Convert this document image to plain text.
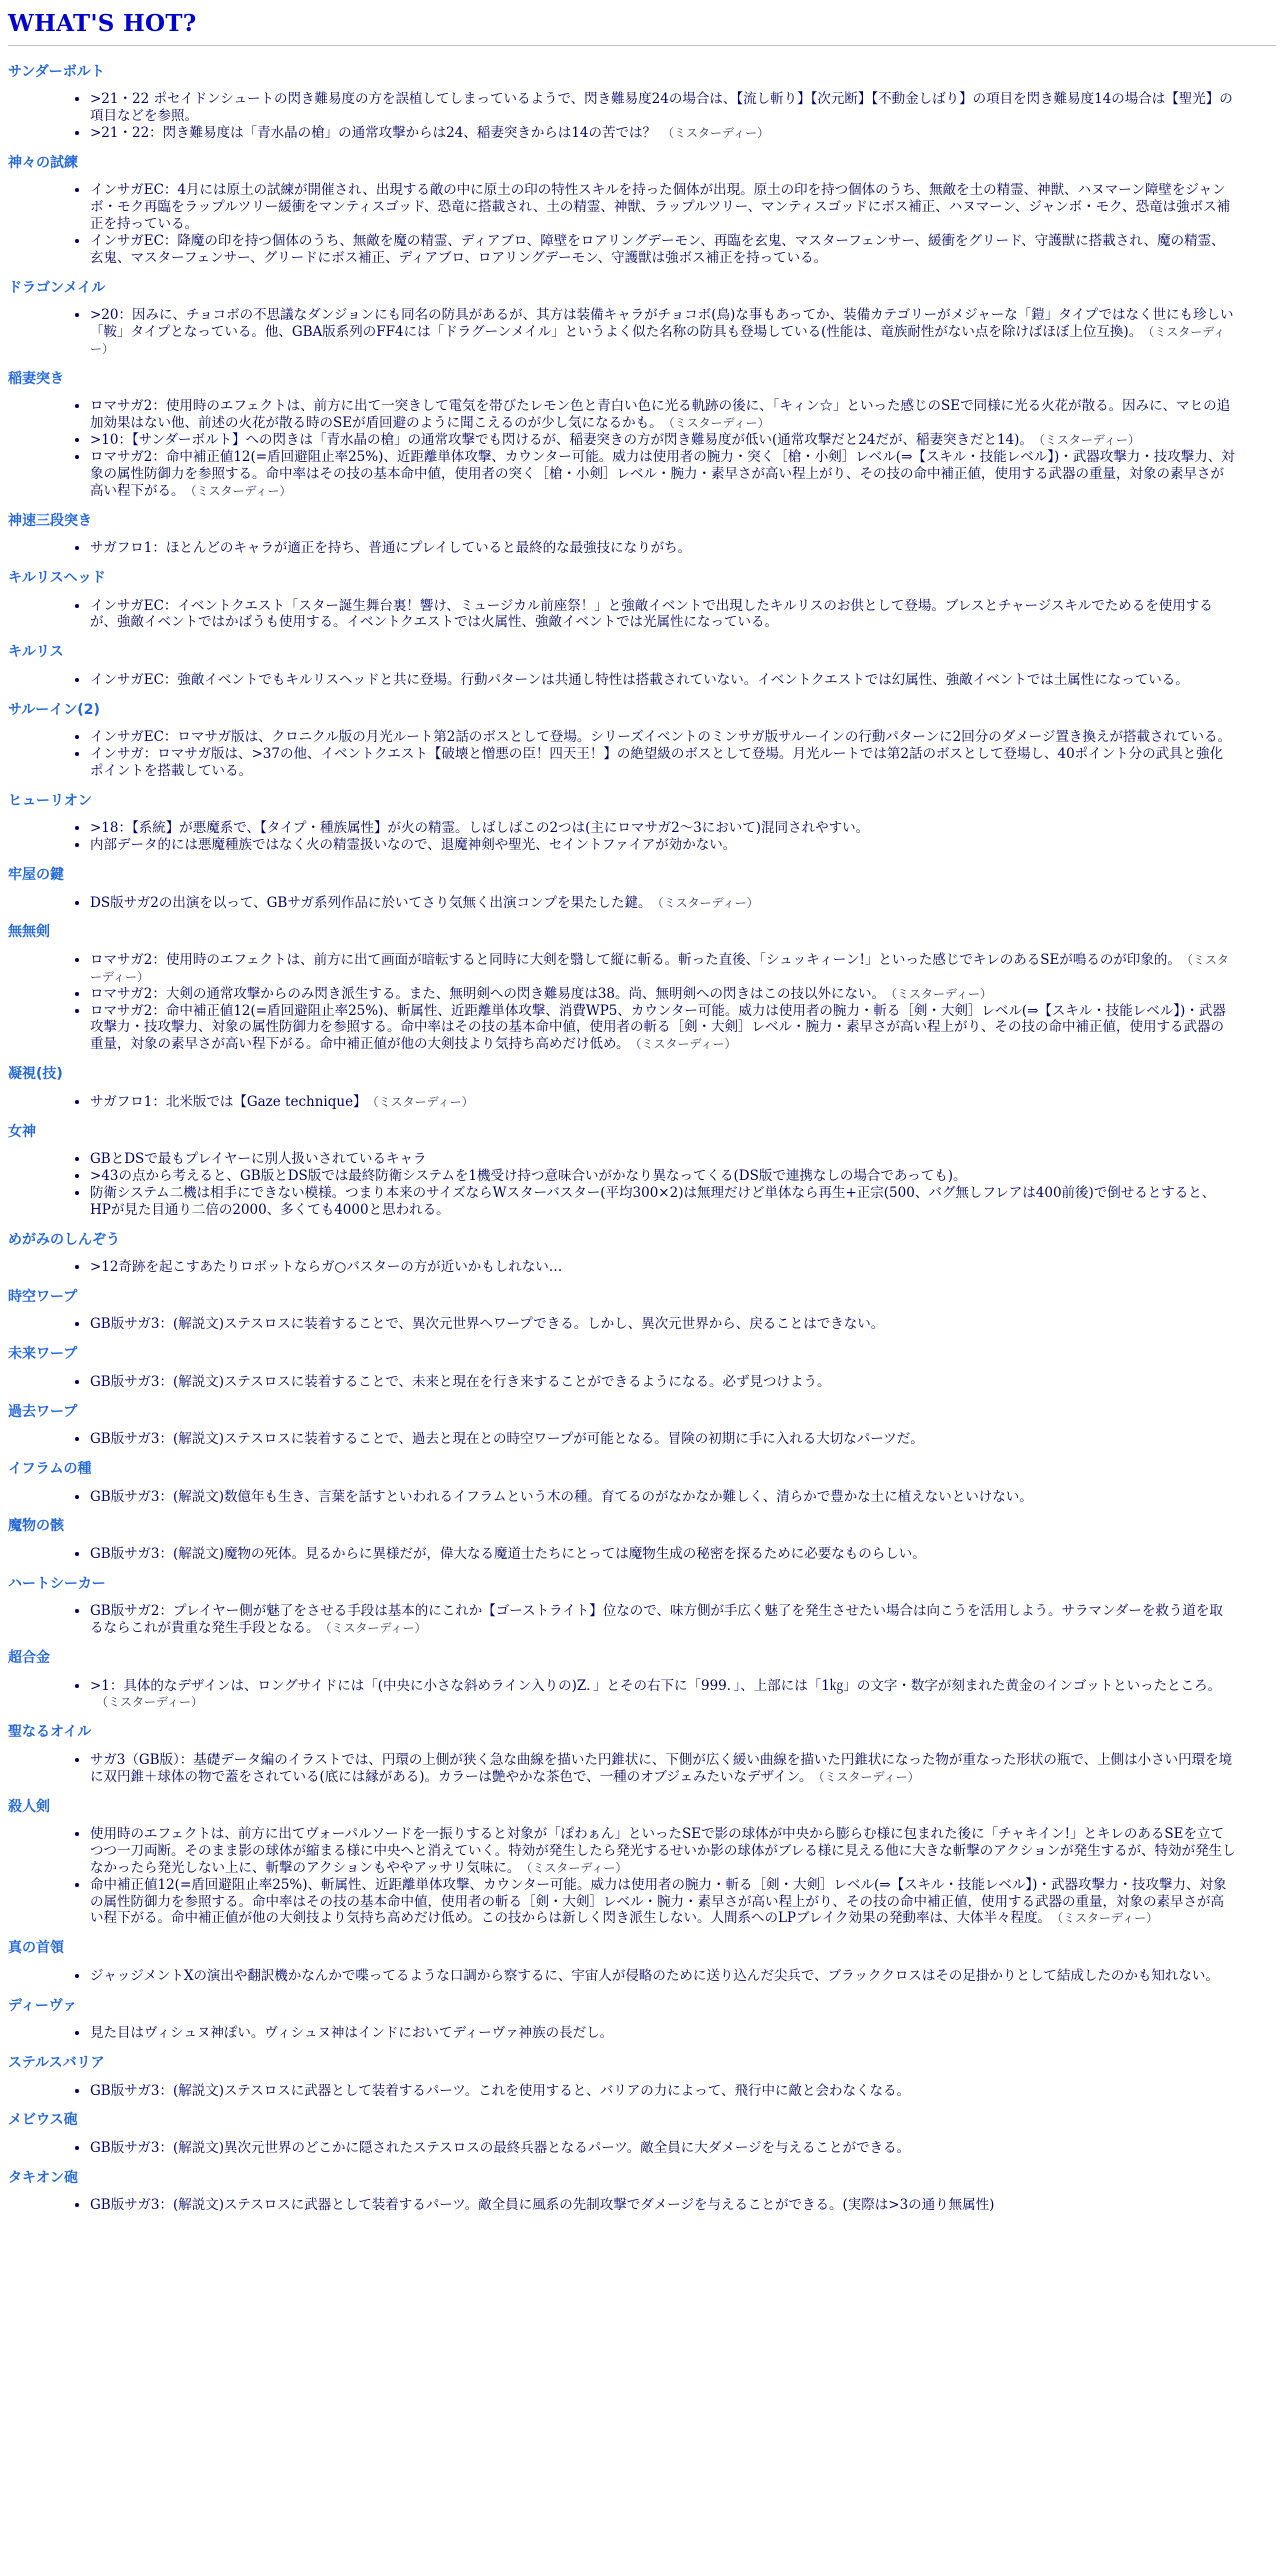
WHAT'S HOT?
サンダーボルト
• >21・22 ポセイドンシュートの閃き難易度の方を誤植してしまっているようで、閃き難易度24の場合は、【流し斬り】【次元断】【不動金しばり】の項目を閃き難易度14の場合は【聖光】の項目などを参照。
• >21・22：閃き難易度は「青水晶の槍」の通常攻撃からは24、稲妻突きからは14の苦では？ （ミスターディー）
神々の試練
• インサガEC：4月には原土の試練が開催され、出現する敵の中に原土の印の特性スキルを持った個体が出現。原土の印を持つ個体のうち、無敵を土の精霊、神獣、ハヌマーン障壁をジャンボ・モク再臨をラップルツリー緩衝をマンティスゴッド、恐竜に搭載され、土の精霊、神獣、ラップルツリー、マンティスゴッドにボス補正、ハヌマーン、ジャンボ・モク、恐竜は強ボス補正を持っている。
• インサガEC：降魔の印を持つ個体のうち、無敵を魔の精霊、ディアブロ、障壁をロアリングデーモン、再臨を玄鬼、マスターフェンサー、緩衝をグリード、守護獣に搭載され、魔の精霊、玄鬼、マスターフェンサー、グリードにボス補正、ディアブロ、ロアリングデーモン、守護獣は強ボス補正を持っている。
ドラゴンメイル
• >20：因みに、チョコボの不思議なダンジョンにも同名の防具があるが、其方は装備キャラがチョコボ(鳥)な事もあってか、装備カテゴリーがメジャーな「鎧」タイプではなく世にも珍しい「鞍」タイプとなっている。他、GBA版系列のFF4には「ドラグーンメイル」というよく似た名称の防具も登場している(性能は、竜族耐性がない点を除けばほぼ上位互換)。 （ミスターディー）
稲妻突き
• ロマサガ2：使用時のエフェクトは、前方に出て一突きして電気を帯びたレモン色と青白い色に光る軌跡の後に、「キィン☆」といった感じのSEで同様に光る火花が散る。因みに、マヒの追加効果はない他、前述の火花が散る時のSEが盾回避のように聞こえるのが少し気になるかも。 （ミスターディー）
• >10：【サンダーボルト】への閃きは「青水晶の槍」の通常攻撃でも閃けるが、稲妻突きの方が閃き難易度が低い(通常攻撃だと24だが、稲妻突きだと14)。 （ミスターディー）
• ロマサガ2：命中補正値12(=盾回避阻止率25%)、近距離単体攻撃、カウンター可能。威力は使用者の腕力・突く［槍・小剣］レベル(⇒【スキル・技能レベル】)・武器攻撃力・技攻撃力、対象の属性防御力を参照する。命中率はその技の基本命中値，使用者の突く［槍・小剣］レベル・腕力・素早さが高い程上がり、その技の命中補正値，使用する武器の重量，対象の素早さが高い程下がる。 （ミスターディー）
神速三段突き
• サガフロ1：ほとんどのキャラが適正を持ち、普通にプレイしていると最終的な最強技になりがち。
キルリスヘッド
• インサガEC：イベントクエスト「スター誕生舞台裏！響け、ミュージカル前座祭！」と強敵イベントで出現したキルリスのお供として登場。ブレスとチャージスキルでためるを使用するが、強敵イベントではかばうも使用する。イベントクエストでは火属性、強敵イベントでは光属性になっている。
キルリス
• インサガEC：強敵イベントでもキルリスヘッドと共に登場。行動パターンは共通し特性は搭載されていない。イベントクエストでは幻属性、強敵イベントでは土属性になっている。
サルーイン(2)
• インサガEC：ロマサガ版は、クロニクル版の月光ルート第2話のボスとして登場。シリーズイベントのミンサガ版サルーインの行動パターンに2回分のダメージ置き換えが搭載されている。
• インサガ：ロマサガ版は、>37の他、イベントクエスト【破壊と憎悪の臣！四天王！】の絶望級のボスとして登場。月光ルートでは第2話のボスとして登場し、40ポイント分の武具と強化ポイントを搭載している。
ヒューリオン
• >18：【系統】が悪魔系で、【タイプ・種族属性】が火の精霊。しばしばこの2つは(主にロマサガ2～3において)混同されやすい。
• 内部データ的には悪魔種族ではなく火の精霊扱いなので、退魔神剣や聖光、セイントファイアが効かない。
牢屋の鍵
• DS版サガ2の出演を以って、GBサガ系列作品に於いてさり気無く出演コンプを果たした鍵。 （ミスターディー）
無無剣
• ロマサガ2：使用時のエフェクトは、前方に出て画面が暗転すると同時に大剣を翳して縦に斬る。斬った直後、「シュッキィーン!」といった感じでキレのあるSEが鳴るのが印象的。 （ミスターディー）
• ロマサガ2：大剣の通常攻撃からのみ閃き派生する。また、無明剣への閃き難易度は38。尚、無明剣への閃きはこの技以外にない。 （ミスターディー）
• ロマサガ2：命中補正値12(=盾回避阻止率25%)、斬属性、近距離単体攻撃、消費WP5、カウンター可能。威力は使用者の腕力・斬る［剣・大剣］レベル(⇒【スキル・技能レベル】)・武器攻撃力・技攻撃力、対象の属性防御力を参照する。命中率はその技の基本命中値，使用者の斬る［剣・大剣］レベル・腕力・素早さが高い程上がり、その技の命中補正値，使用する武器の重量，対象の素早さが高い程下がる。命中補正値が他の大剣技より気持ち高めだけ低め。 （ミスターディー）
凝視(技)
• サガフロ1：北米版では【Gaze technique】 （ミスターディー）
女神
• GBとDSで最もプレイヤーに別人扱いされているキャラ
• >43の点から考えると、GB版とDS版では最終防衛システムを1機受け持つ意味合いがかなり異なってくる(DS版で連携なしの場合であっても)。
• 防衛システム二機は相手にできない模様。つまり本来のサイズならWスターバスター(平均300×2)は無理だけど単体なら再生+正宗(500、バグ無しフレアは400前後)で倒せるとすると、HPが見た目通り二倍の2000、多くても4000と思われる。
めがみのしんぞう
• >12奇跡を起こすあたりロボットならガ○バスターの方が近いかもしれない…
時空ワープ
• GB版サガ3：(解説文)ステスロスに装着することで、異次元世界へワープできる。しかし、異次元世界から、戻ることはできない。
未来ワープ
• GB版サガ3：(解説文)ステスロスに装着することで、未来と現在を行き来することができるようになる。必ず見つけよう。
過去ワープ
• GB版サガ3：(解説文)ステスロスに装着することで、過去と現在との時空ワープが可能となる。冒険の初期に手に入れる大切なパーツだ。
イフラムの種
• GB版サガ3：(解説文)数億年も生き、言葉を話すといわれるイフラムという木の種。育てるのがなかなか難しく、清らかで豊かな土に植えないといけない。
魔物の骸
• GB版サガ3：(解説文)魔物の死体。見るからに異様だが，偉大なる魔道士たちにとっては魔物生成の秘密を探るために必要なものらしい。
ハートシーカー
• GB版サガ2：プレイヤー側が魅了をさせる手段は基本的にこれか【ゴーストライト】位なので、味方側が手広く魅了を発生させたい場合は向こうを活用しよう。サラマンダーを救う道を取るならこれが貴重な発生手段となる。 （ミスターディー）
超合金
• >1：具体的なデザインは、ロングサイドには「(中央に小さな斜めライン入りの)Z．」とその右下に「999．」、上部には「1㎏」の文字・数字が刻まれた黄金のインゴットといったところ。（ミスターディー）
聖なるオイル
• サガ3（GB版）：基礎データ編のイラストでは、円環の上側が狭く急な曲線を描いた円錐状に、下側が広く緩い曲線を描いた円錐状になった物が重なった形状の瓶で、上側は小さい円環を境に双円錐＋球体の物で蓋をされている(底には縁がある)。カラーは艶やかな茶色で、一種のオブジェみたいなデザイン。 （ミスターディー）
殺人剣
• 使用時のエフェクトは、前方に出てヴォーパルソードを一振りすると対象が「ぽわぁん」といったSEで影の球体が中央から膨らむ様に包まれた後に「チャキイン!」とキレのあるSEを立てつつ一刀両断。そのまま影の球体が縮まる様に中央へと消えていく。特効が発生したら発光するせいか影の球体がブレる様に見える他に大きな斬撃のアクションが発生するが、特効が発生しなかったら発光しない上に、斬撃のアクションもややアッサリ気味に。 （ミスターディー）
• 命中補正値12(=盾回避阻止率25%)、斬属性、近距離単体攻撃、カウンター可能。威力は使用者の腕力・斬る［剣・大剣］レベル(⇒【スキル・技能レベル】)・武器攻撃力・技攻撃力、対象の属性防御力を参照する。命中率はその技の基本命中値，使用者の斬る［剣・大剣］レベル・腕力・素早さが高い程上がり、その技の命中補正値，使用する武器の重量，対象の素早さが高い程下がる。命中補正値が他の大剣技より気持ち高めだけ低め。この技からは新しく閃き派生しない。人間系へのLPブレイク効果の発動率は、大体半々程度。 （ミスターディー）
真の首領
• ジャッジメントXの演出や翻訳機かなんかで喋ってるような口調から察するに、宇宙人が侵略のために送り込んだ尖兵で、ブラッククロスはその足掛かりとして結成したのかも知れない。
ディーヴァ
• 見た目はヴィシュヌ神ぽい。ヴィシュヌ神はインドにおいてディーヴァ神族の長だし。
ステルスバリア
• GB版サガ3：(解説文)ステスロスに武器として装着するパーツ。これを使用すると、バリアの力によって、飛行中に敵と会わなくなる。
メビウス砲
• GB版サガ3：(解説文)異次元世界のどこかに隠されたステスロスの最終兵器となるパーツ。敵全員に大ダメージを与えることができる。
タキオン砲
• GB版サガ3：(解説文)ステスロスに武器として装着するパーツ。敵全員に風系の先制攻撃でダメージを与えることができる。(実際は>3の通り無属性)
